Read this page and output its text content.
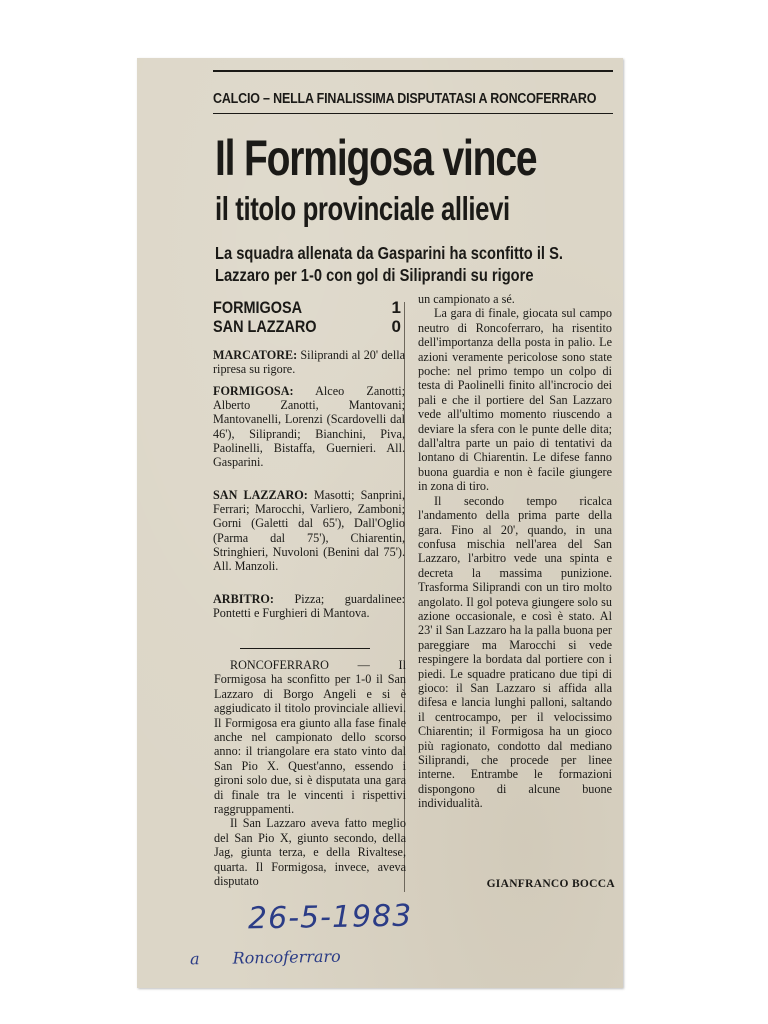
CALCIO – NELLA FINALISSIMA DISPUTATASI A RONCOFERRARO
Il Formigosa vince
il titolo provinciale allievi
La squadra allenata da Gasparini ha sconfitto il S.
Lazzaro per 1-0 con gol di Siliprandi su rigore
FORMIGOSA	1
SAN LAZZARO	0
MARCATORE: Siliprandi al 20' della ripresa su rigore.
FORMIGOSA: Alceo Zanotti; Alberto Zanotti, Mantovani; Mantovanelli, Lorenzi (Scardovelli dal 46'), Siliprandi; Bianchini, Piva, Paolinelli, Bistaffa, Guernieri. All. Gasparini.
SAN LAZZARO: Masotti; Sanprini, Ferrari; Marocchi, Varliero, Zamboni; Gorni (Galetti dal 65'), Dall'Oglio (Parma dal 75'), Chiarentin, Stringhieri, Nuvoloni (Benini dal 75'). All. Manzoli.
ARBITRO: Pizza; guardalinee: Pontetti e Furghieri di Mantova.

RONCOFERRARO — Il Formigosa ha sconfitto per 1-0 il San Lazzaro di Borgo Angeli e si è aggiudicato il titolo provinciale allievi. Il Formigosa era giunto alla fase finale anche nel campionato dello scorso anno: il triangolare era stato vinto dal San Pio X. Quest'anno, essendo i gironi solo due, si è disputata una gara di finale tra le vincenti i rispettivi raggruppamenti.

Il San Lazzaro aveva fatto meglio del San Pio X, giunto secondo, della Jag, giunta terza, e della Rivaltese, quarta. Il Formigosa, invece, aveva disputato

un campionato a sé.

La gara di finale, giocata sul campo neutro di Roncoferraro, ha risentito dell'importanza della posta in palio. Le azioni veramente pericolose sono state poche: nel primo tempo un colpo di testa di Paolinelli finito all'incrocio dei pali e che il portiere del San Lazzaro vede all'ultimo momento riuscendo a deviare la sfera con le punte delle dita; dall'altra parte un paio di tentativi da lontano di Chiarentin. Le difese fanno buona guardia e non è facile giungere in zona di tiro.

Il secondo tempo ricalca l'andamento della prima parte della gara. Fino al 20', quando, in una confusa mischia nell'area del San Lazzaro, l'arbitro vede una spinta e decreta la massima punizione. Trasforma Siliprandi con un tiro molto angolato. Il gol poteva giungere solo su azione occasionale, e così è stato. Al 23' il San Lazzaro ha la palla buona per pareggiare ma Marocchi si vede respingere la bordata dal portiere con i piedi. Le squadre praticano due tipi di gioco: il San Lazzaro si affida alla difesa e lancia lunghi palloni, saltando il centrocampo, per il velocissimo Chiarentin; il Formigosa ha un gioco più ragionato, condotto dal mediano Siliprandi, che procede per linee interne. Entrambe le formazioni dispongono di alcune buone individualità.

GIANFRANCO BOCCA
26-5-1983
a Roncoferraro
